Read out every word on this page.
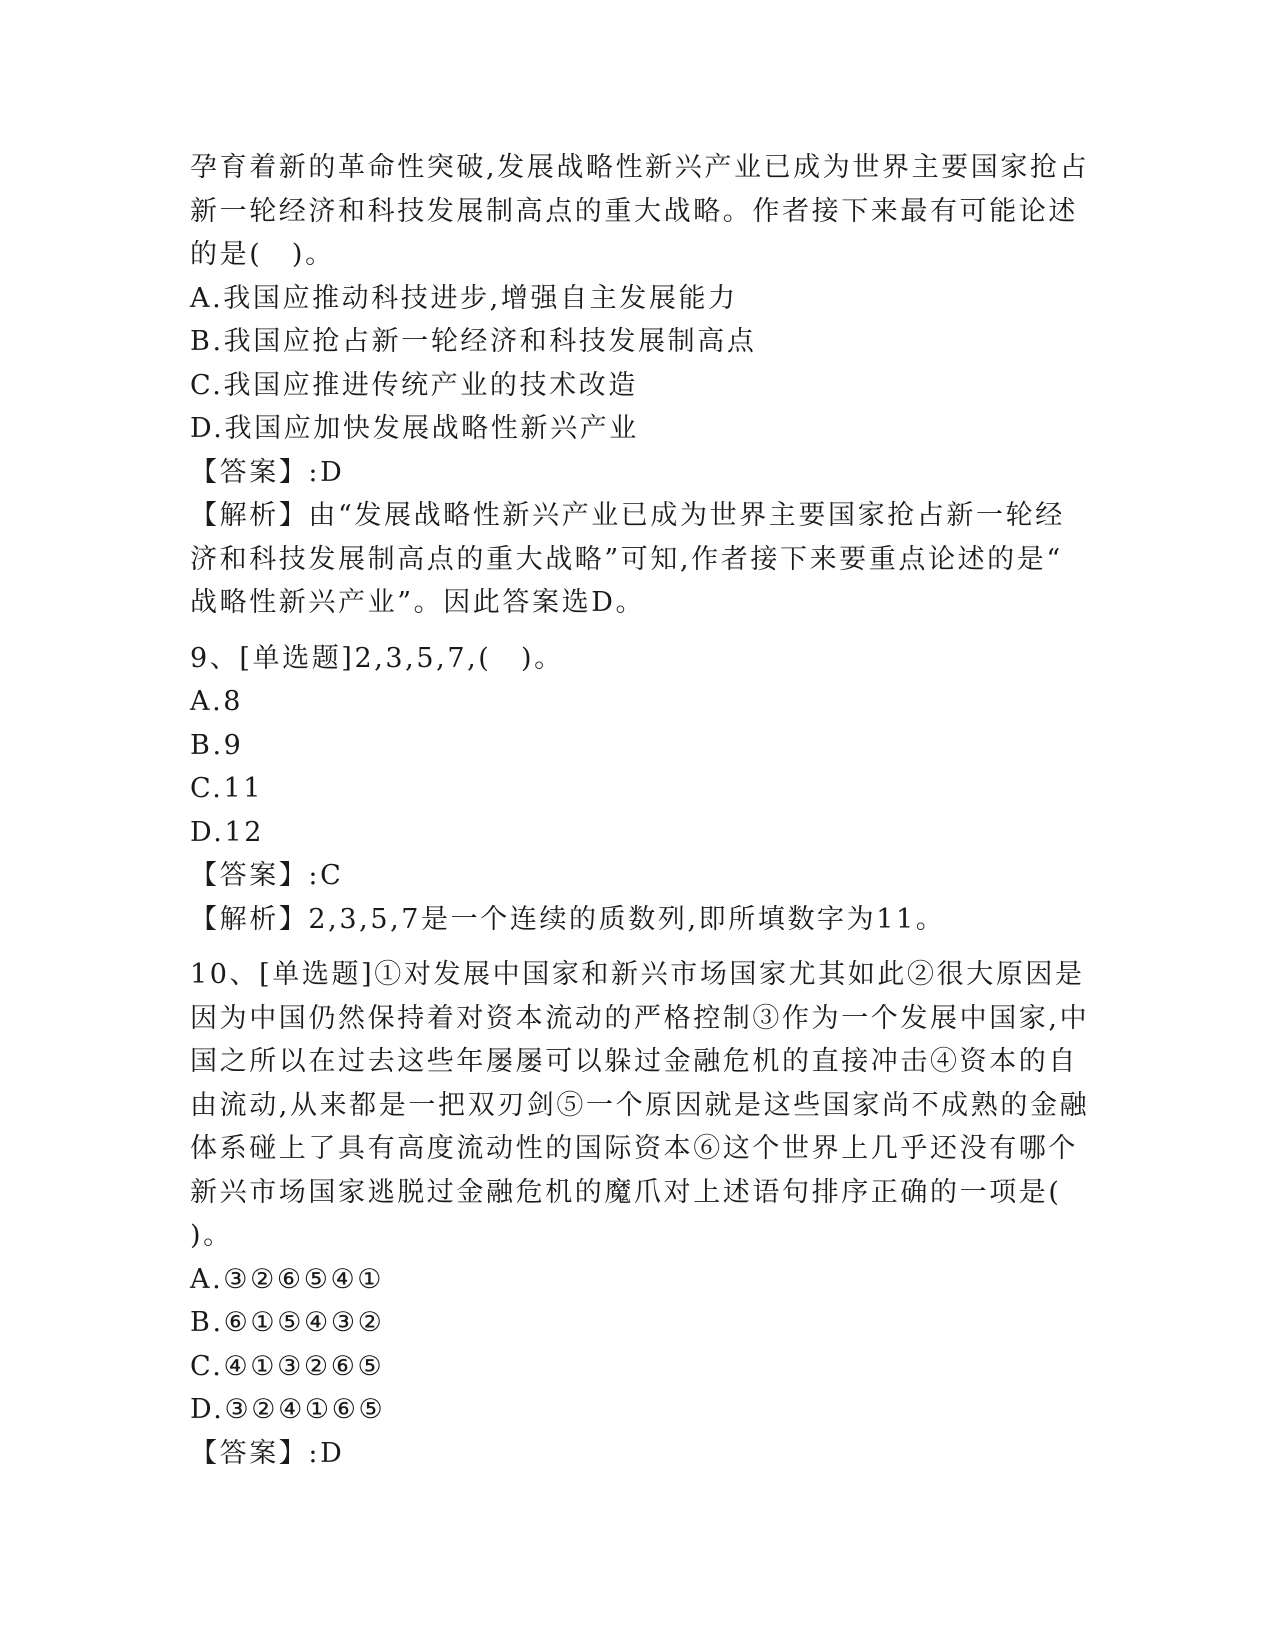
孕育着新的革命性突破,发展战略性新兴产业已成为世界主要国家抢占
新一轮经济和科技发展制高点的重大战略。作者接下来最有可能论述
的是(　)。
A.我国应推动科技进步,增强自主发展能力
B.我国应抢占新一轮经济和科技发展制高点
C.我国应推进传统产业的技术改造
D.我国应加快发展战略性新兴产业
【答案】:D
【解析】由“发展战略性新兴产业已成为世界主要国家抢占新一轮经
济和科技发展制高点的重大战略”可知,作者接下来要重点论述的是“
战略性新兴产业”。因此答案选D。
9、[单选题]2,3,5,7,(　)。
A.8
B.9
C.11
D.12
【答案】:C
【解析】2,3,5,7是一个连续的质数列,即所填数字为11。
10、[单选题]①对发展中国家和新兴市场国家尤其如此②很大原因是
因为中国仍然保持着对资本流动的严格控制③作为一个发展中国家,中
国之所以在过去这些年屡屡可以躲过金融危机的直接冲击④资本的自
由流动,从来都是一把双刃剑⑤一个原因就是这些国家尚不成熟的金融
体系碰上了具有高度流动性的国际资本⑥这个世界上几乎还没有哪个
新兴市场国家逃脱过金融危机的魔爪对上述语句排序正确的一项是(
)。
A.③②⑥⑤④①
B.⑥①⑤④③②
C.④①③②⑥⑤
D.③②④①⑥⑤
【答案】:D
